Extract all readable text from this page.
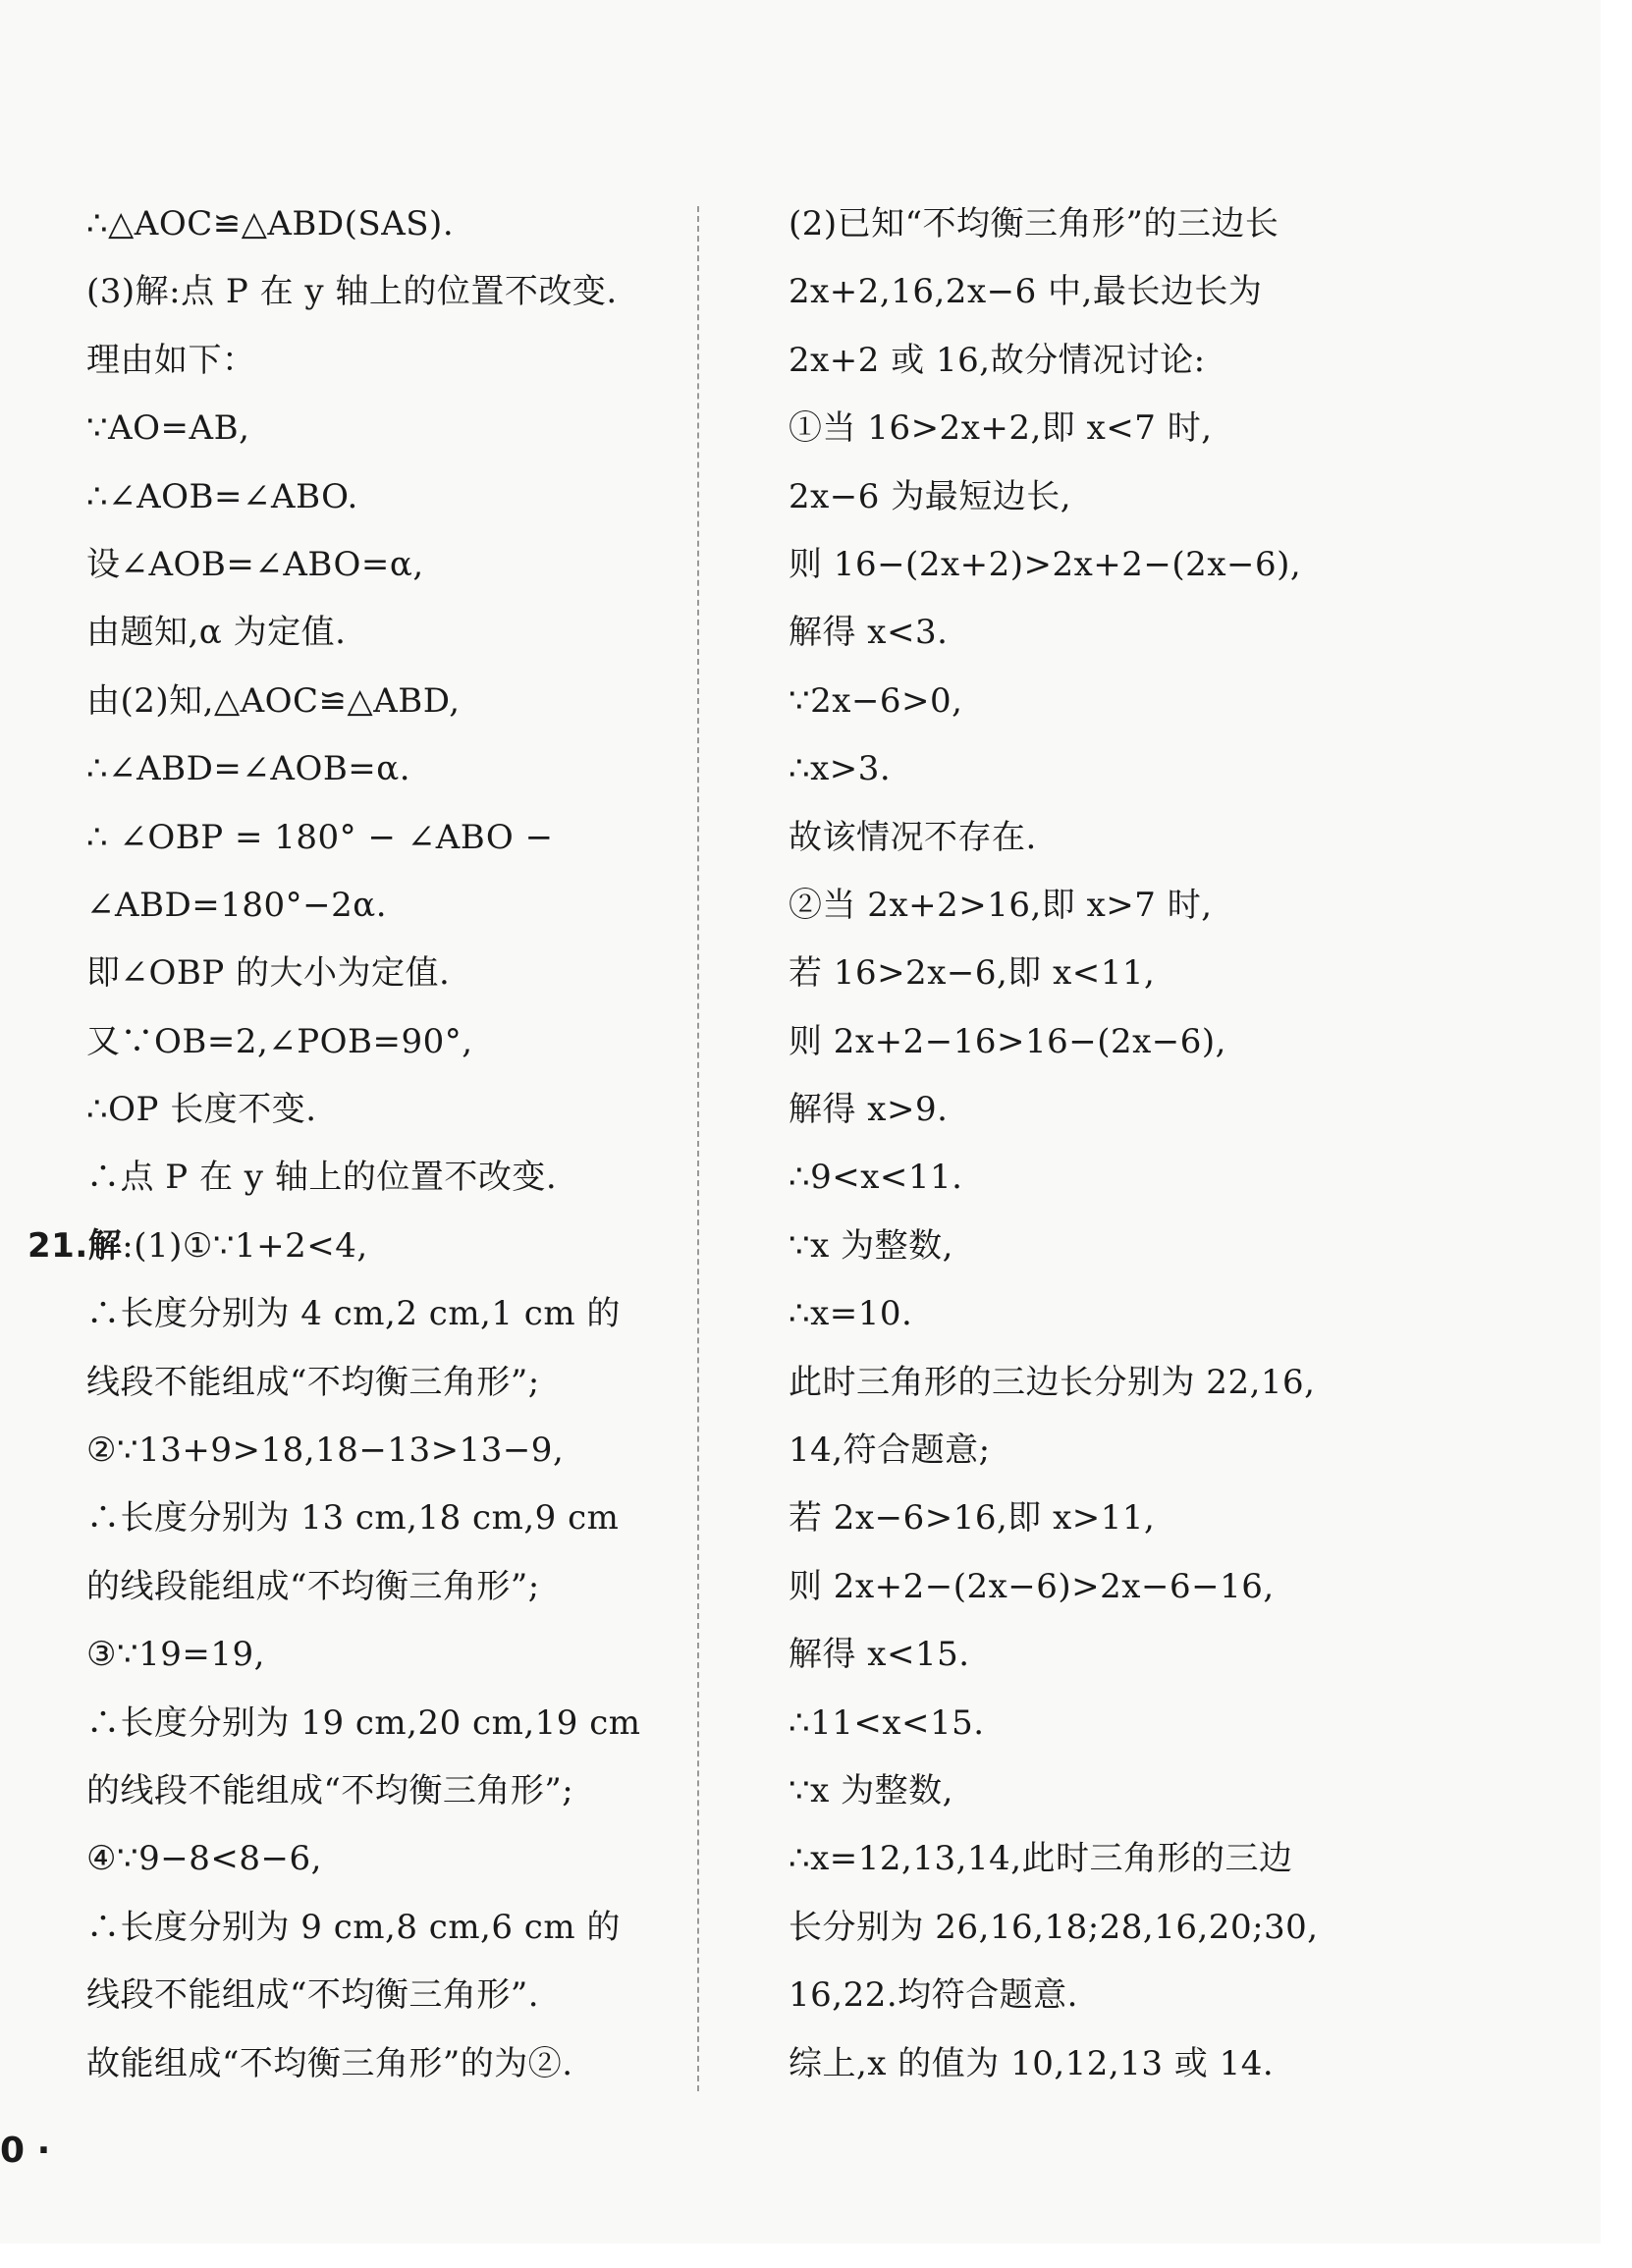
∴△AOC≌△ABD(SAS).
(3)解:点 P 在 y 轴上的位置不改变.
理由如下：
∵AO=AB,
∴∠AOB=∠ABO.
设∠AOB=∠ABO=α,
由题知,α 为定值.
由(2)知,△AOC≌△ABD,
∴∠ABD=∠AOB=α.
∴ ∠OBP = 180° − ∠ABO −
∠ABD=180°−2α.
即∠OBP 的大小为定值.
又∵OB=2,∠POB=90°,
∴OP 长度不变.
∴点 P 在 y 轴上的位置不改变.
21.解:(1)①∵1+2<4,
∴长度分别为 4 cm,2 cm,1 cm 的
线段不能组成“不均衡三角形”;
②∵13+9>18,18−13>13−9,
∴长度分别为 13 cm,18 cm,9 cm
的线段能组成“不均衡三角形”;
③∵19=19,
∴长度分别为 19 cm,20 cm,19 cm
的线段不能组成“不均衡三角形”;
④∵9−8<8−6,
∴长度分别为 9 cm,8 cm,6 cm 的
线段不能组成“不均衡三角形”.
故能组成“不均衡三角形”的为②.
(2)已知“不均衡三角形”的三边长
2x+2,16,2x−6 中,最长边长为
2x+2 或 16,故分情况讨论:
①当 16>2x+2,即 x<7 时,
2x−6 为最短边长,
则 16−(2x+2)>2x+2−(2x−6),
解得 x<3.
∵2x−6>0,
∴x>3.
故该情况不存在.
②当 2x+2>16,即 x>7 时,
若 16>2x−6,即 x<11,
则 2x+2−16>16−(2x−6),
解得 x>9.
∴9<x<11.
∵x 为整数,
∴x=10.
此时三角形的三边长分别为 22,16,
14,符合题意;
若 2x−6>16,即 x>11,
则 2x+2−(2x−6)>2x−6−16,
解得 x<15.
∴11<x<15.
∵x 为整数,
∴x=12,13,14,此时三角形的三边
长分别为 26,16,18;28,16,20;30,
16,22.均符合题意.
综上,x 的值为 10,12,13 或 14.
0 ·
